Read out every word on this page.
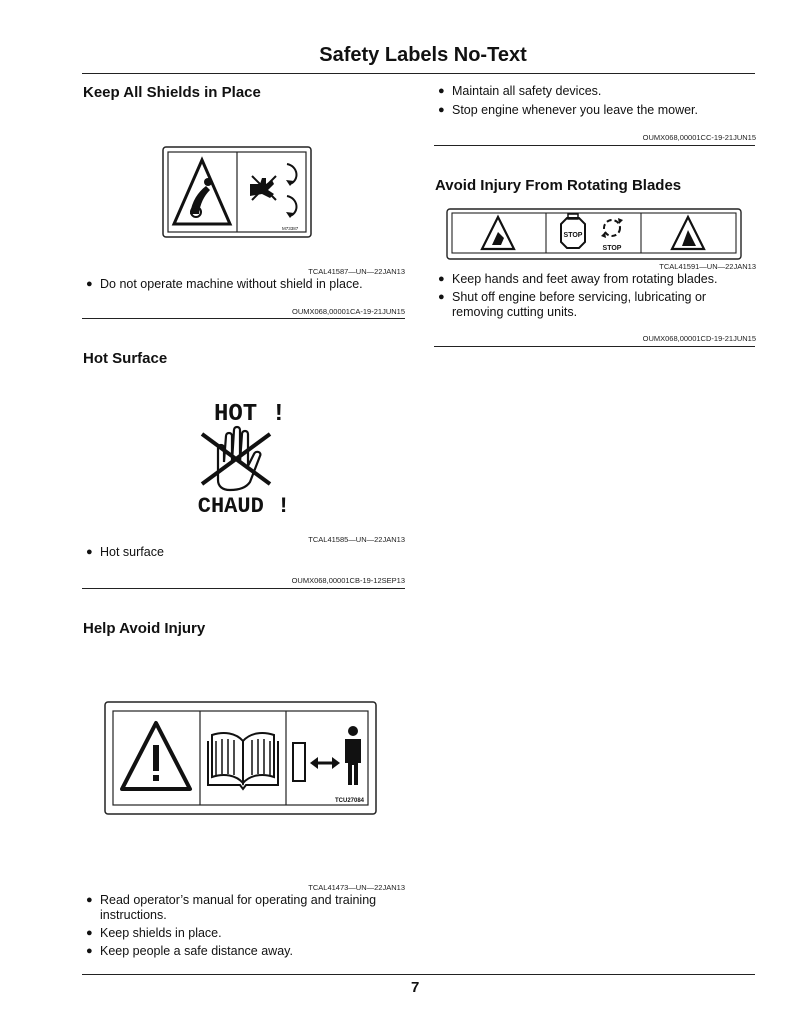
Safety Labels No-Text
Keep All Shields in Place
M73387
TCAL41587—UN—22JAN13
● Do not operate machine without shield in place.
OUMX068,00001CA-19-21JUN15
Hot Surface
HOT !
CHAUD !
TCAL41585—UN—22JAN13
● Hot surface
OUMX068,00001CB-19-12SEP13
Help Avoid Injury
TCU27084
TCAL41473—UN—22JAN13
● Read operator’s manual for operating and training instructions.
● Keep shields in place.
● Keep people a safe distance away.
● Maintain all safety devices.
● Stop engine whenever you leave the mower.
OUMX068,00001CC-19-21JUN15
Avoid Injury From Rotating Blades
STOP
STOP
TCAL41591—UN—22JAN13
● Keep hands and feet away from rotating blades.
● Shut off engine before servicing, lubricating or removing cutting units.
OUMX068,00001CD-19-21JUN15
7
